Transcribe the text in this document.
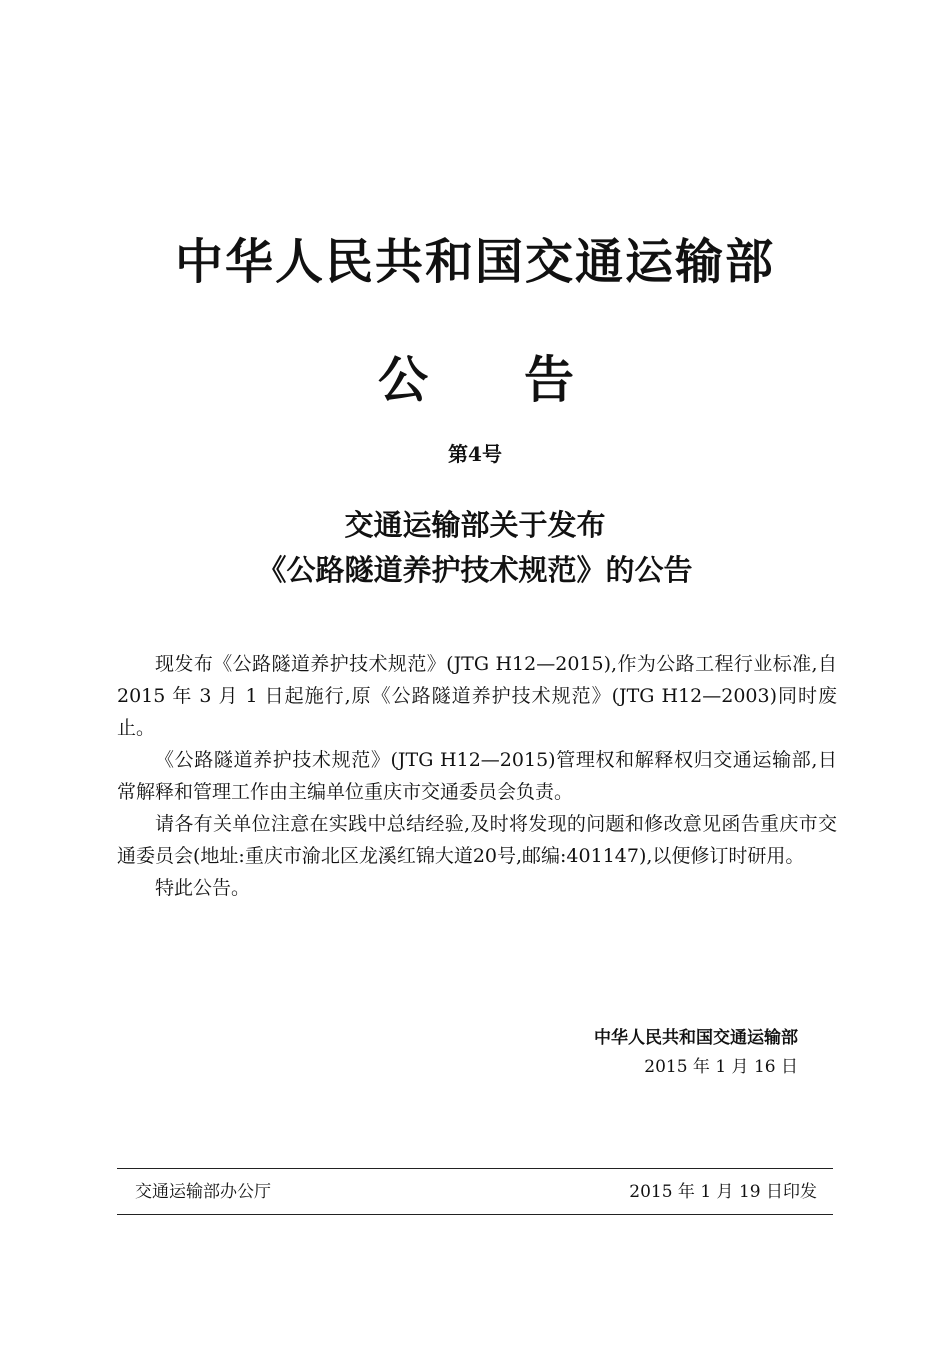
中华人民共和国交通运输部
公 告
第4号
交通运输部关于发布
《公路隧道养护技术规范》的公告

现发布《公路隧道养护技术规范》(JTG H12—2015),作为公路工程行业标准,自 2015 年 3 月 1 日起施行,原《公路隧道养护技术规范》(JTG H12—2003)同时废止。

《公路隧道养护技术规范》(JTG H12—2015)管理权和解释权归交通运输部,日常解释和管理工作由主编单位重庆市交通委员会负责。

请各有关单位注意在实践中总结经验,及时将发现的问题和修改意见函告重庆市交通委员会(地址:重庆市渝北区龙溪红锦大道20号,邮编:401147),以便修订时研用。

特此公告。

中华人民共和国交通运输部
2015 年 1 月 16 日
交通运输部办公厅	2015 年 1 月 19 日印发
